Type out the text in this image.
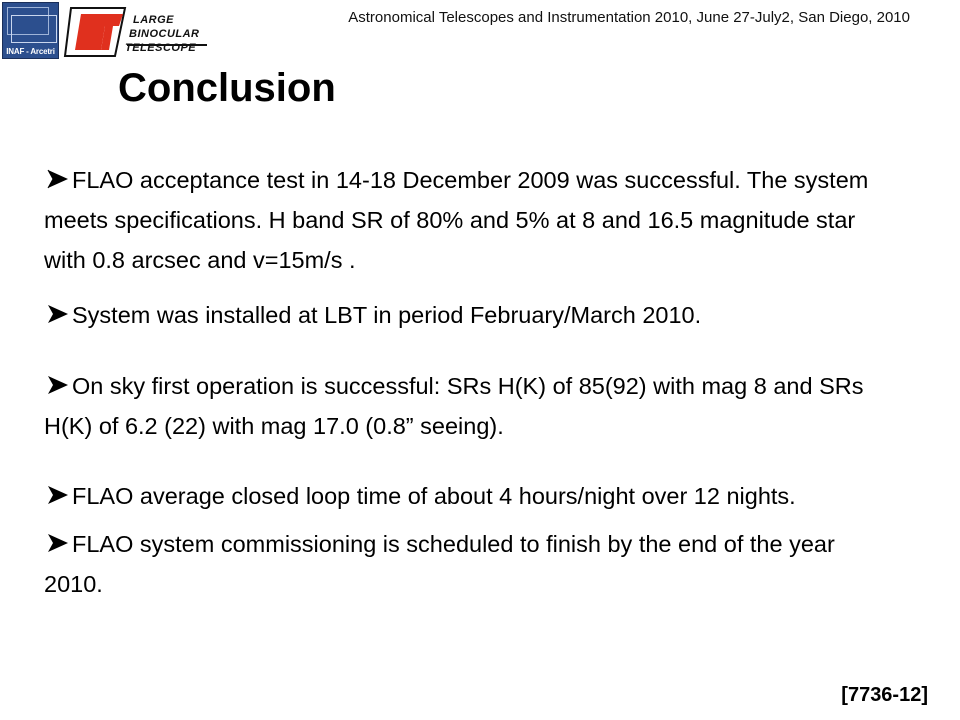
INAF - Arcetri
LARGE
BINOCULAR
TELESCOPE
Astronomical Telescopes and Instrumentation 2010, June 27-July2, San Diego, 2010
Conclusion

FLAO acceptance test in 14-18 December 2009 was successful. The system meets specifications. H band SR of 80% and 5% at 8 and 16.5 magnitude star with 0.8 arcsec and v=15m/s .

System was installed at LBT in period February/March 2010.

On sky first operation is successful: SRs H(K) of 85(92) with mag 8 and SRs H(K) of 6.2 (22) with mag 17.0 (0.8” seeing).

FLAO average closed loop time of about 4 hours/night over 12 nights.

FLAO system commissioning is scheduled to finish by the end of the year 2010.

[7736-12]
